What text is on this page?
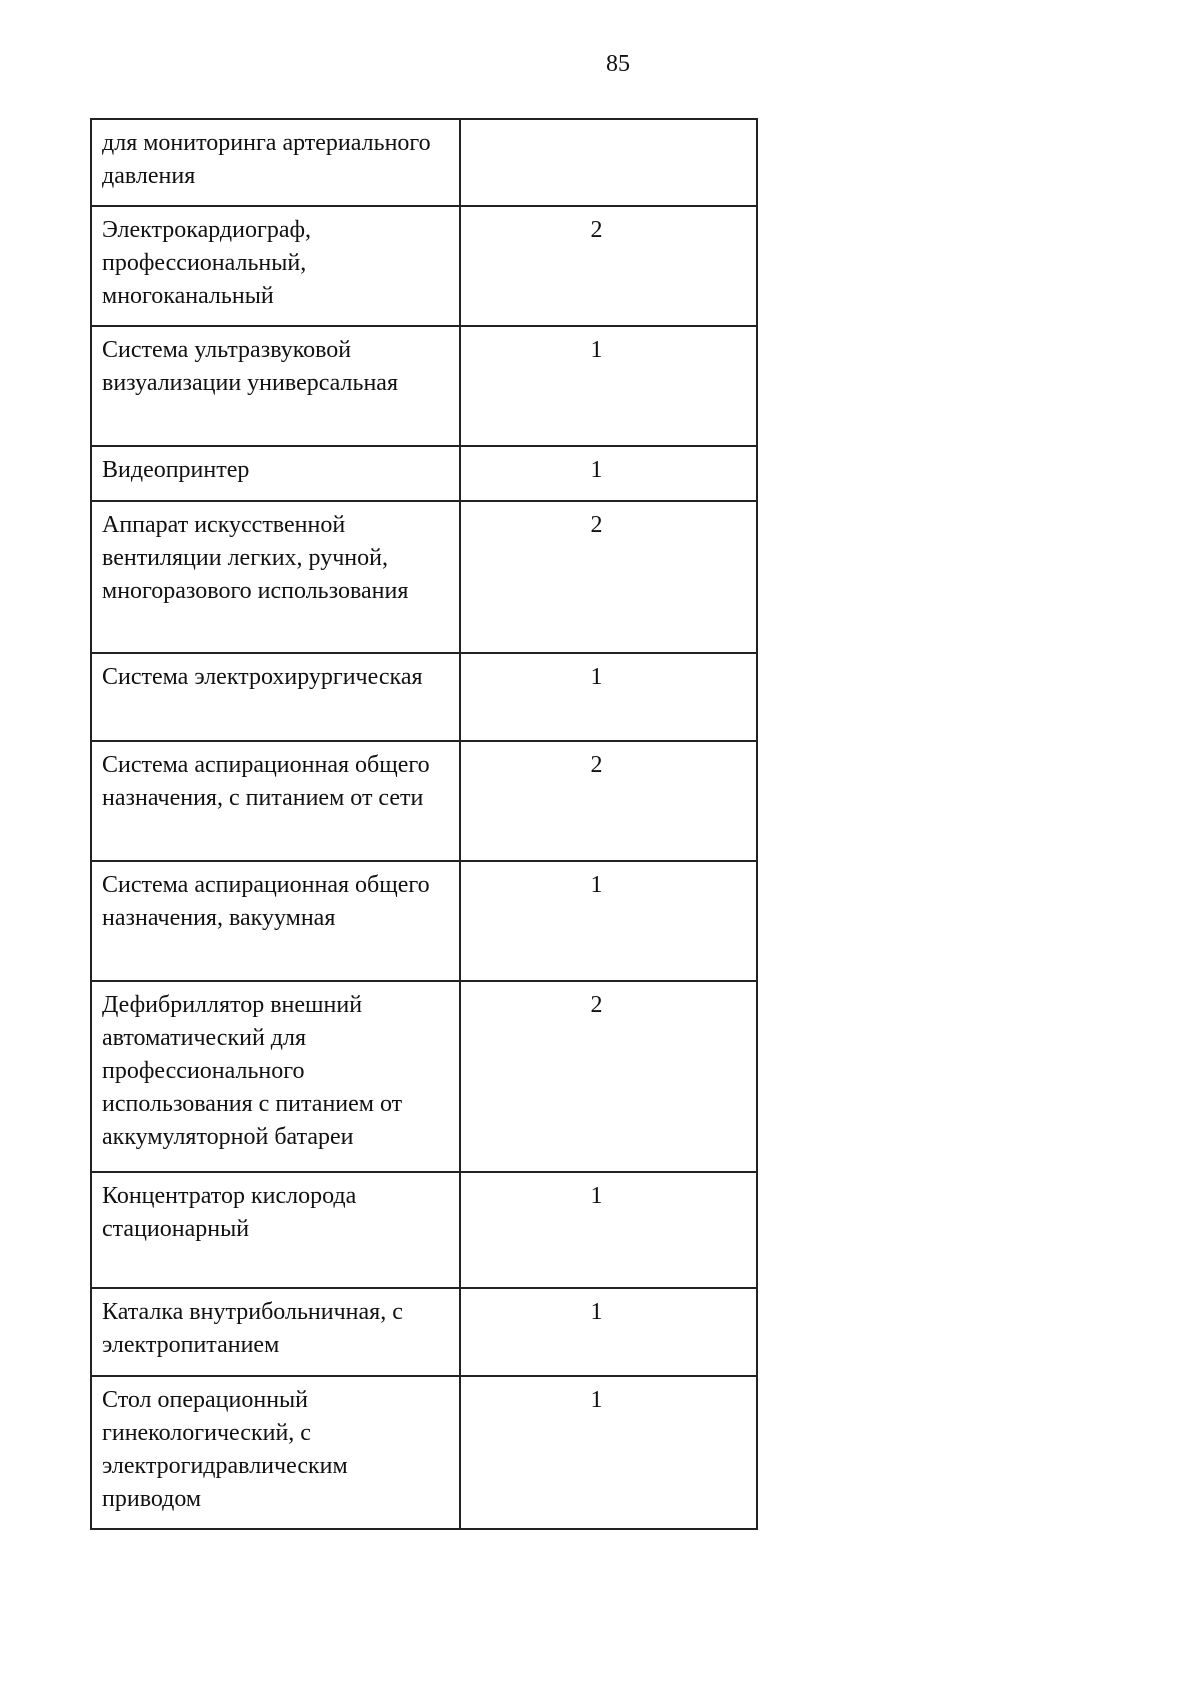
85
для мониторинга артериального давления	
Электрокардиограф, профессиональный, многоканальный	2
Система ультразвуковой визуализации универсальная	1
Видеопринтер	1
Аппарат искусственной вентиляции легких, ручной, многоразового использования	2
Система электрохирургическая	1
Система аспирационная общего назначения, с питанием от сети	2
Система аспирационная общего назначения, вакуумная	1
Дефибриллятор внешний автоматический для профессионального использования с питанием от аккумуляторной батареи	2
Концентратор кислорода стационарный	1
Каталка внутрибольничная, с электропитанием	1
Стол операционный гинекологический, с электрогидравлическим приводом	1
